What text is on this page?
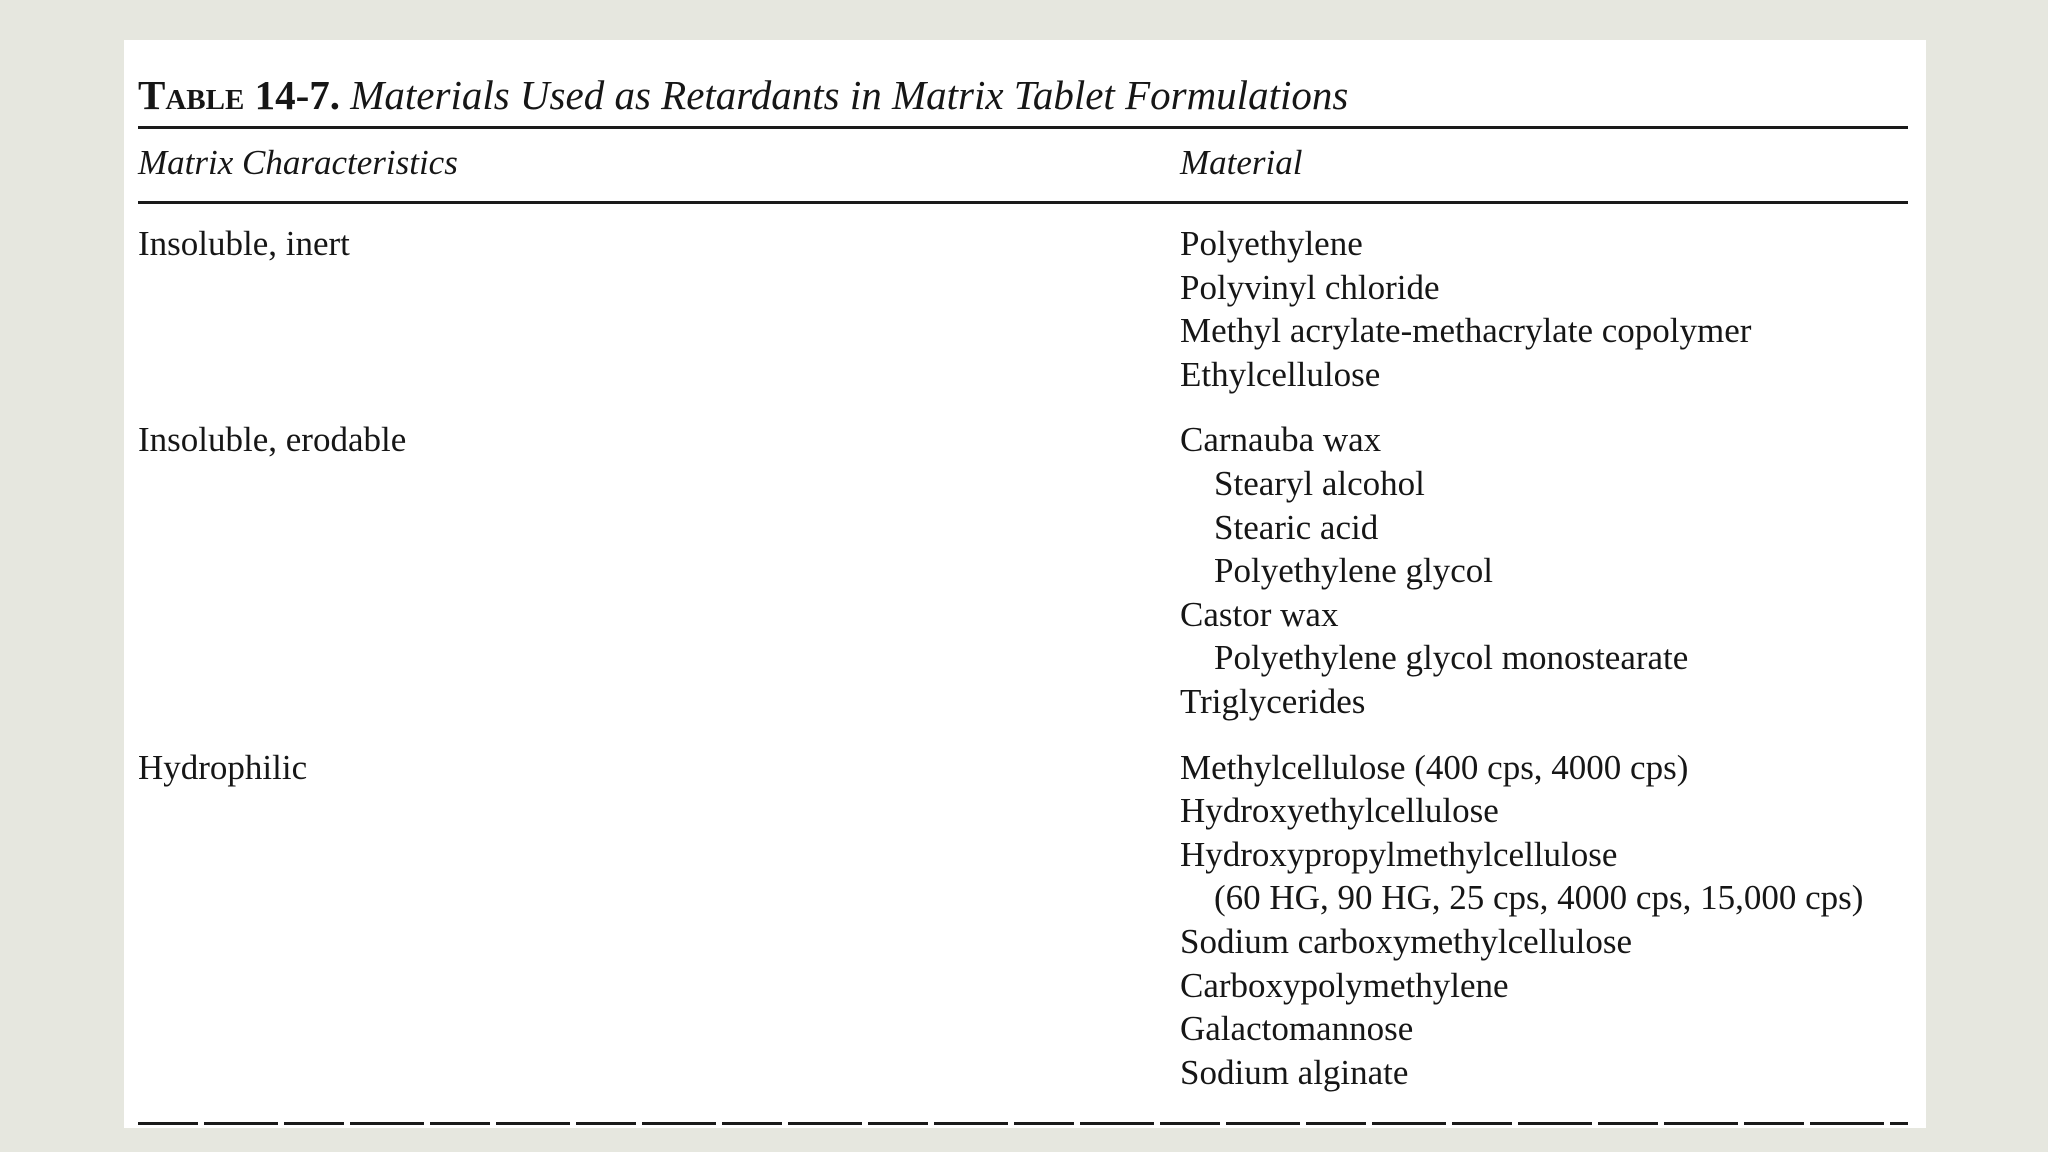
Table 14-7. Materials Used as Retardants in Matrix Tablet Formulations

Matrix Characteristics	Material
Insoluble, inert	Polyethylene
Polyvinyl chloride
Methyl acrylate-methacrylate copolymer
Ethylcellulose
Insoluble, erodable	Carnauba wax
Stearyl alcohol
Stearic acid
Polyethylene glycol
Castor wax
Polyethylene glycol monostearate
Triglycerides
Hydrophilic	Methylcellulose (400 cps, 4000 cps)
Hydroxyethylcellulose
Hydroxypropylmethylcellulose
(60 HG, 90 HG, 25 cps, 4000 cps, 15,000 cps)
Sodium carboxymethylcellulose
Carboxypolymethylene
Galactomannose
Sodium alginate
